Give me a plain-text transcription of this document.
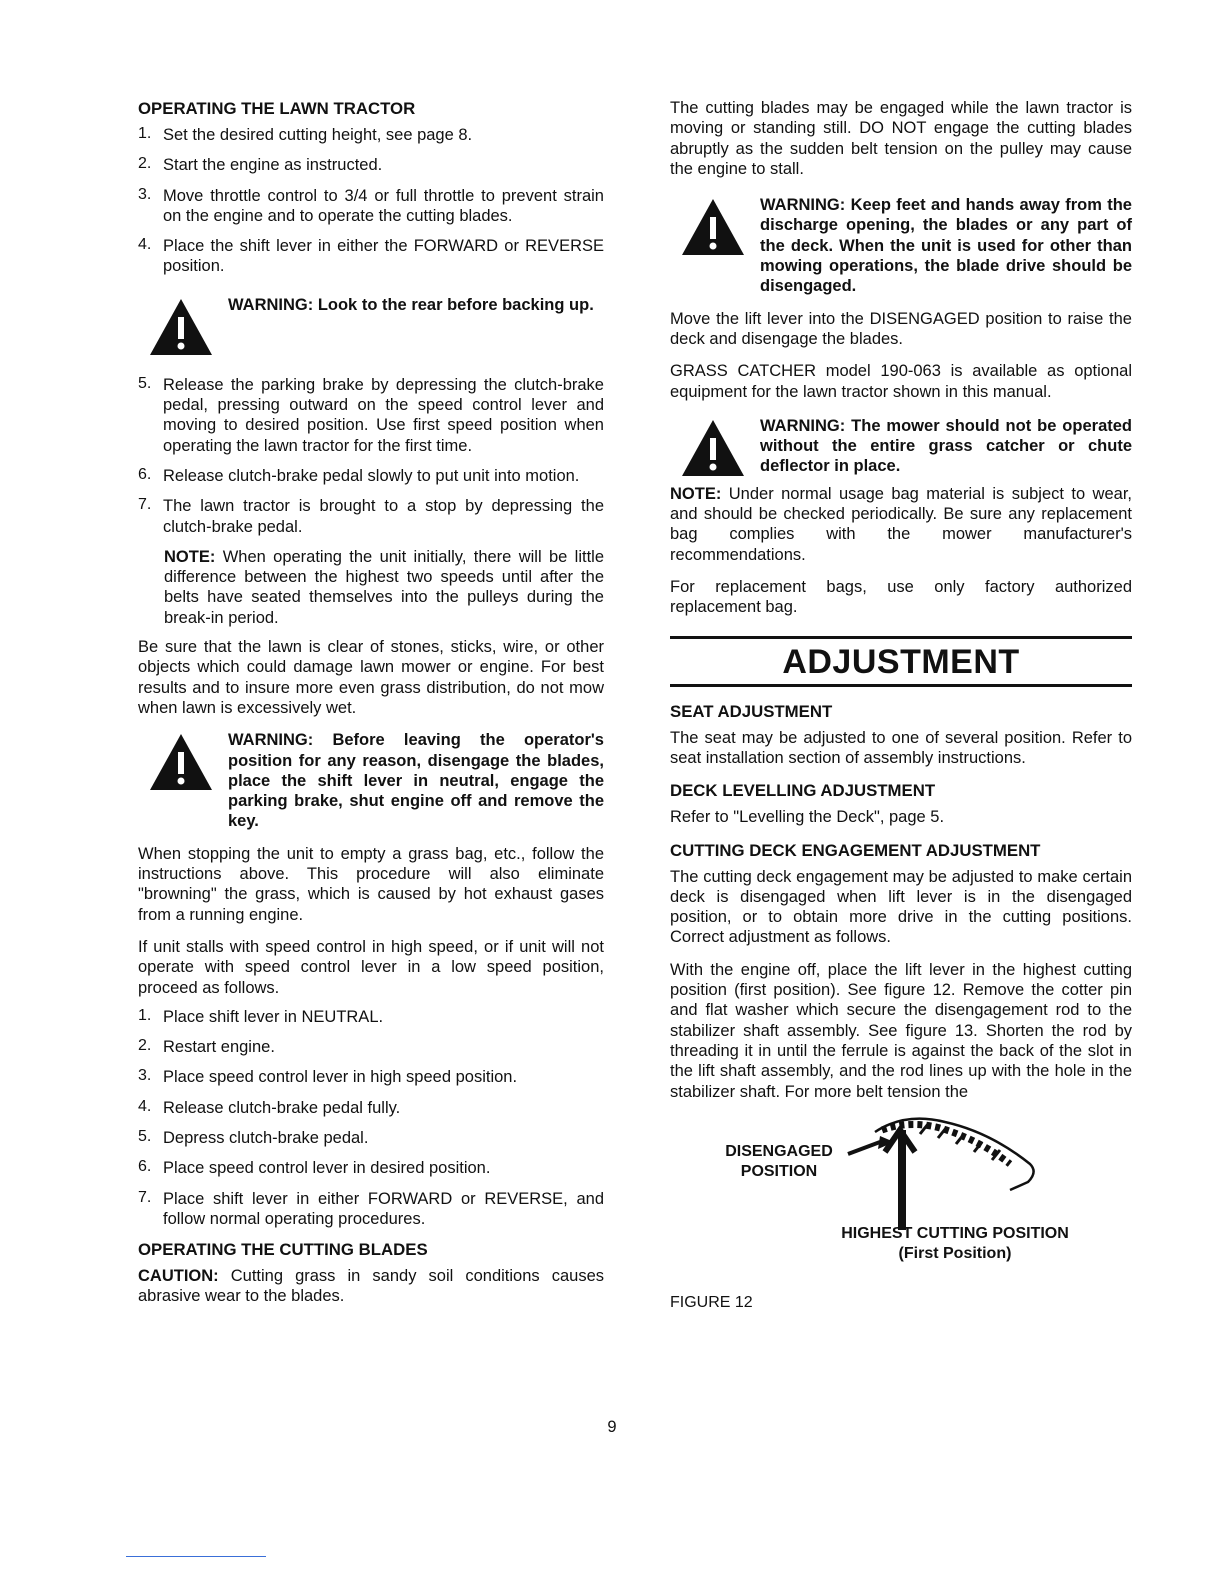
OPERATING THE LAWN TRACTOR
1. Set the desired cutting height, see page 8.

2. Start the engine as instructed.

3. Move throttle control to 3/4 or full throttle to prevent strain on the engine and to operate the cutting blades.

4. Place the shift lever in either the FORWARD or REVERSE position.

WARNING: Look to the rear before backing up.
5. Release the parking brake by depressing the clutch-brake pedal, pressing outward on the speed control lever and moving to desired position. Use first speed position when operating the lawn tractor for the first time.

6. Release clutch-brake pedal slowly to put unit into motion.

7. The lawn tractor is brought to a stop by depressing the clutch-brake pedal.

NOTE: When operating the unit initially, there will be little difference between the highest two speeds until after the belts have seated themselves into the pulleys during the break-in period.

Be sure that the lawn is clear of stones, sticks, wire, or other objects which could damage lawn mower or engine. For best results and to insure more even grass distribution, do not mow when lawn is excessively wet.

WARNING: Before leaving the operator's position for any reason, disengage the blades, place the shift lever in neutral, engage the parking brake, shut engine off and remove the key.

When stopping the unit to empty a grass bag, etc., follow the instructions above. This procedure will also eliminate "browning" the grass, which is caused by hot exhaust gases from a running engine.

If unit stalls with speed control in high speed, or if unit will not operate with speed control lever in a low speed position, proceed as follows.

1. Place shift lever in NEUTRAL.

2. Restart engine.

3. Place speed control lever in high speed position.

4. Release clutch-brake pedal fully.

5. Depress clutch-brake pedal.

6. Place speed control lever in desired position.

7. Place shift lever in either FORWARD or REVERSE, and follow normal operating procedures.

OPERATING THE CUTTING BLADES

CAUTION: Cutting grass in sandy soil conditions causes abrasive wear to the blades.

The cutting blades may be engaged while the lawn tractor is moving or standing still. DO NOT engage the cutting blades abruptly as the sudden belt tension on the pulley may cause the engine to stall.

WARNING: Keep feet and hands away from the discharge opening, the blades or any part of the deck. When the unit is used for other than mowing operations, the blade drive should be disengaged.

Move the lift lever into the DISENGAGED position to raise the deck and disengage the blades.

GRASS CATCHER model 190-063 is available as optional equipment for the lawn tractor shown in this manual.

WARNING: The mower should not be operated without the entire grass catcher or chute deflector in place.

NOTE: Under normal usage bag material is subject to wear, and should be checked periodically. Be sure any replacement bag complies with the mower manufacturer's recommendations.

For replacement bags, use only factory authorized replacement bag.

ADJUSTMENT
SEAT ADJUSTMENT

The seat may be adjusted to one of several position. Refer to seat installation section of assembly instructions.

DECK LEVELLING ADJUSTMENT

Refer to "Levelling the Deck", page 5.

CUTTING DECK ENGAGEMENT ADJUSTMENT

The cutting deck engagement may be adjusted to make certain deck is disengaged when lift lever is in the disengaged position, or to obtain more drive in the cutting positions. Correct adjustment as follows.

With the engine off, place the lift lever in the highest cutting position (first position). See figure 12. Remove the cotter pin and flat washer which secure the disengagement rod to the stabilizer shaft assembly. See figure 13. Shorten the rod by threading it in until the ferrule is against the back of the slot in the lift shaft assembly, and the rod lines up with the hole in the stabilizer shaft. For more belt tension the

DISENGAGED POSITION
HIGHEST CUTTING POSITION (First Position)
FIGURE 12
9
